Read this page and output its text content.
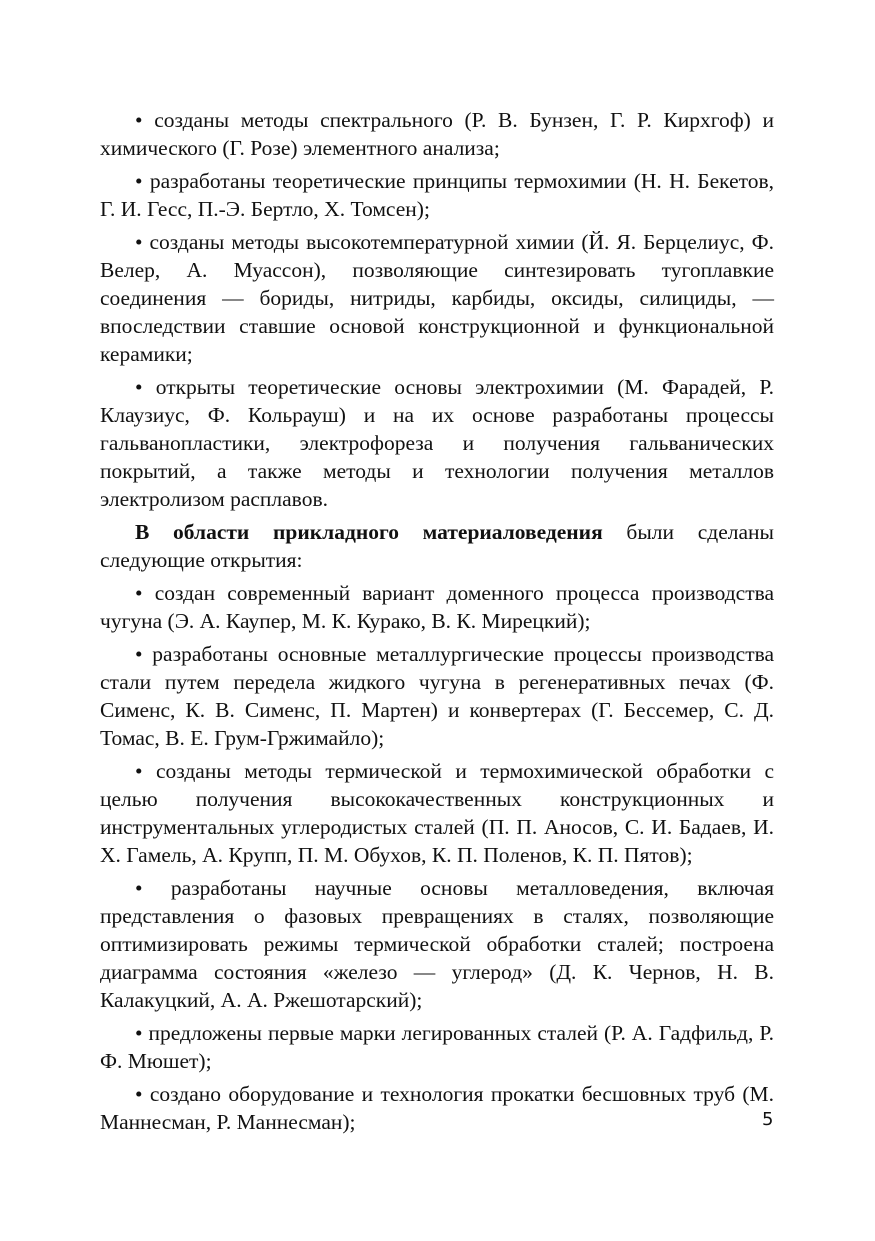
• созданы методы спектрального (Р. В. Бунзен, Г. Р. Кирхгоф) и химического (Г. Розе) элементного анализа;

• разработаны теоретические принципы термохимии (Н. Н. Бекетов, Г. И. Гесс, П.-Э. Бертло, Х. Томсен);

• созданы методы высокотемпературной химии (Й. Я. Берцелиус, Ф. Велер, А. Муассон), позволяющие синтезировать тугоплавкие соединения — бориды, нитриды, карбиды, оксиды, силициды, — впоследствии ставшие основой конструкционной и функциональной керамики;

• открыты теоретические основы электрохимии (М. Фарадей, Р. Клаузиус, Ф. Кольрауш) и на их основе разработаны процессы гальванопластики, электрофореза и получения гальванических покрытий, а также методы и технологии получения металлов электролизом расплавов.

В области прикладного материаловедения были сделаны следующие открытия:

• создан современный вариант доменного процесса производства чугуна (Э. А. Каупер, М. К. Курако, В. К. Мирецкий);

• разработаны основные металлургические процессы производства стали путем передела жидкого чугуна в регенеративных печах (Ф. Сименс, К. В. Сименс, П. Мартен) и конвертерах (Г. Бессемер, С. Д. Томас, В. Е. Грум-Гржимайло);

• созданы методы термической и термохимической обработки с целью получения высококачественных конструкционных и инструментальных углеродистых сталей (П. П. Аносов, С. И. Бадаев, И. Х. Гамель, А. Крупп, П. М. Обухов, К. П. Поленов, К. П. Пятов);

• разработаны научные основы металловедения, включая представления о фазовых превращениях в сталях, позволяющие оптимизировать режимы термической обработки сталей; построена диаграмма состояния «железо — углерод» (Д. К. Чернов, Н. В. Калакуцкий, А. А. Ржешотарский);

• предложены первые марки легированных сталей (Р. А. Гадфильд, Р. Ф. Мюшет);

• создано оборудование и технология прокатки бесшовных труб (М. Маннесман, Р. Маннесман);	5
